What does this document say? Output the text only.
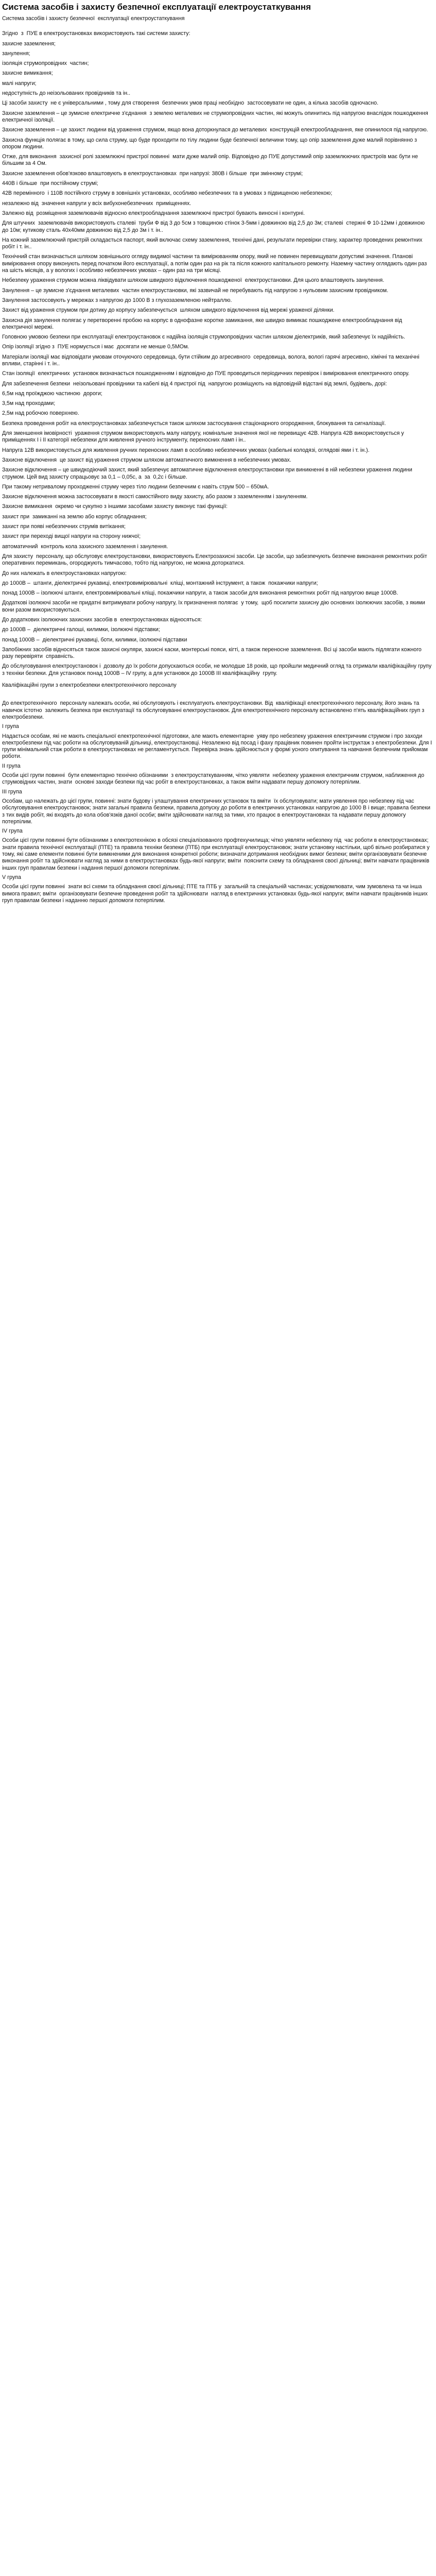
Система засобів і захисту безпечної експлуатації електроустаткування
Система засобів і захисту безпечної  експлуатації електроустаткування
Згідно  з  ПУЕ в електроустановках використовують такі системи захисту:
захисне заземлення;
занулення;
ізоляція струмопровідних  частин;
захисне вимикання;
малі напруги;
недоступність до неізольованих провідників та ін..
Ці засоби захисту  не є універсальними , тому для створення  безпечних умов праці необхідно  застосовувати не один, а кілька засобів одночасно.
Захисне заземлення – це зумисне електричне з'єднання  з землею металевих не струмопровідних частин, які можуть опинитись під напругою внаслідок пошкодження електричної ізоляції.
Захисне заземлення – це захист людини від ураження струмом, якщо вона доторкнулася до металевих  конструкцій електрообладнання, яке опинилося під напругою.
Захисна функція полягає в тому, що сила струму, що буде проходити по тілу людини буде безпечної величини тому, що опір заземлення дуже малий порівнянно з опором людини.
Отже, для виконання  захисної ролі заземлюючі пристрої повинні  мати дуже малий опір. Відповідно до ПУЕ допустимий опір заземлюючих пристроїв має бути не більшим за 4 Ом.
Захисне заземлення обов'язково влаштовують в електроустановках  при напрузі: 380В і більше  при змінному струмі;
440В і більше  при постійному струмі;
42В перемінного  і 110В постійного струму в зовнішніх установках, особливо небезпечних та в умовах з підвищеною небезпекою;
незалежно від  значення напруги у всіх вибухонебезпечних  приміщеннях.
Залежно від  розміщення заземлювачів відносно електрообладнання заземлюючі пристрої бувають виносні і контурні.
Для штучних  заземлювачів використовують сталеві  труби Ф від 3 до 5см з товщиною стінок 3-5мм і довжиною від 2,5 до 3м; сталеві  стержні Ф 10-12мм і довжиною до 10м; кутикову сталь 40х40мм довжиною від 2,5 до 3м і т. ін..
На кожний заземлюючий пристрій складається паспорт, який включає схему заземлення, технічні дані, результати перевірки стану, характер проведених ремонтних робіт і т. ін..
Технічний стан визначається шляхом зовнішнього огляду видимої частини та вимірюванням опору, який не повинен перевищувати допустимі значення. Планові вимірювання опору виконують перед початком його експлуатації, а потім один раз на рік та після кожного капітального ремонту. Наземну частину оглядають один раз на шість місяців, а у вологих і особливо небезпечних умовах – один раз на три місяці.
Небезпеку ураження струмом можна ліквідувати шляхом швидкого відключення пошкодженої  електроустановки. Для цього влаштовують занулення.
Занулення – це зумисне з'єднання металевих  частин електроустановки, які зазвичай не перебувають під напругою з нульовим захисним провідником.
Занулення застосовують у мережах з напругою до 1000 В з глухозаземленою нейтраллю.
Захист від ураження струмом при дотику до корпусу забезпечується  шляхом швидкого відключення від мережі ураженої ділянки.
Захисна дія занулення полягає у перетворенні пробою на корпус в однофазне коротке замикання, яке швидко вимикає пошкоджене електрообладнання від електричної мережі.
Головною умовою безпеки при експлуатації електроустановок є надійна ізоляція струмопровідних частин шляхом діелектриків, який забезпечує їх надійність.
Опір ізоляції згідно з  ПУЕ нормується і має  досягати не менше 0,5МОм.
Матеріали ізоляції має відповідати умовам оточуючого середовища, бути стійким до агресивного  середовища, волога, вологі гарячі агресивно, хімічні та механічні впливи, старінні і т. ін..
Стан ізоляції  електричних  установок визначається пошкодженням і відповідно до ПУЕ проводиться періодичних перевірок і вимірювання електричного опору.
Для забезпечення безпеки  неізольовані провідники та кабелі від 4 пристрої під  напругою розміщують на відповідній відстані від землі, будівель, дорі:
6,5м над проїжджою частиною  дороги;
3,5м над проходами;
2,5м над робочою поверхнею.
Безпека проведення робіт на електроустановках забезпечується також шляхом застосування стаціонарного огородження, блокування та сигналізації.
Для зменшення імовірності  ураження струмом використовують малу напругу, номінальне значення якої не перевищує 42В. Напруга 42В використовується у приміщеннях І і ІІ категорії небезпеки для живлення ручного інструменту, переносних ламп і ін..
Напруга 12В використовується для живлення ручних переносних ламп в особливо небезпечних умовах (кабельні колодязі, оглядові ями і т. ін.).
Захисне відключення  це захист від ураження струмом шляхом автоматичного вимкнення в небезпечних умовах.
Захисне відключення – це швидкодіючий захист, який забезпечує автоматичне відключення електроустановки при виникненні в ній небезпеки ураження людини струмом. Цей вид захисту спрацьовує за 0,1 – 0,05с, а  за  0,2с і більше.
При такому нетривалому проходженні струму через тіло людини безпечним є навіть струм 500 – 650мА.
Захисне відключення можна застосовувати в якості самостійного виду захисту, або разом з заземленням і зануленням.
Захисне вимикання  окремо чи сукупно з іншими засобами захисту виконує такі функції:
захист при  замиканні на землю або корпус обладнання;
захист при появі небезпечних струмів витікання;
захист при переході вищої напруги на сторону нижчої;
автоматичний  контроль кола захисного заземлення і занулення.
Для захисту  персоналу, що обслуговує електроустановки, використовують Електрозахисні засоби. Це засоби, що забезпечують безпечне виконання ремонтних робіт оперативних перемикань, огороджують тимчасово, тобто під напругою, не можна доторкатися.
До них належать в електроустановках напругою:
до 1000В –  штанги, діелектричні рукавиці, електровимірювальні  кліщі, монтажний інструмент, а також  покажчики напруги;
понад 1000В – ізолюючі штанги, електровимірювальні кліщі, покажчики напруги, а також засоби для виконання ремонтних робіт під напругою вище 1000В.
Додаткові ізолюючі засоби не придатні витримувати робочу напругу, їх призначення полягає  у тому,  щоб посилити захисну дію основних ізолюючих засобів, з якими вони разом використовуються.
До додаткових ізолюючих захисних засобів в  електроустановках відносяться:
до 1000В –  діелектричні галоші, килимки, ізолюючі підставки;
понад 1000В –  діелектричні рукавиці, боти, килимки, ізолюючі підставки
Запобіжних засобів відносяться також захисні окуляри, захисні каски, монтерські пояси, кігті, а також переносне заземлення. Всі ці засоби мають підлягати кожного разу перевіряти  справність.
До обслуговування електроустановок і  дозволу до їх роботи допускаються особи, не молодше 18 років, що пройшли медичний огляд та отримали кваліфікаційну групу з техніки безпеки. Для установок понад 1000В – IV групу, а для установок до 1000В ІІІ кваліфікаційну  групу.
Кваліфікаційні групи з електробезпеки електротехнічного персоналу
До електротехнічного  персоналу належать особи, які обслуговують і експлуатують електроустановки. Від  кваліфікації електротехнічного персоналу, його знань та навичок істотно  залежить безпека при експлуатації та обслуговуванні електроустановок. Для електротехнічного персоналу встановлено п'ять кваліфікаційних груп з електробезпеки.
І група
Надається особам, які не мають спеціальної електротехнічної підготовки, але мають елементарне  уяву про небезпеку ураження електричним струмом і про заходи електробезпеки під час роботи на обслуговуваній дільниці, електроустановці. Незалежно від посад і фаху працівник повинен пройти інструктаж з електробезпеки. Для І групи мінімальний стаж роботи в електроустановках не регламентується. Перевірка знань здійснюється у формі усного опитування та навчання безпечним прийомам роботи.
ІІ група
Особи цієї групи повинні  бути елементарно технічно обізнаними  з електроустаткуванням, чітко уявляти  небезпеку ураження електричним струмом, наближення до струмовідних частин, знати  основні заходи безпеки під час робіт в електроустановках, а також вміти надавати першу допомогу потерпілим.
ІІІ група
Особам, що належать до цієї групи, повинні: знати будову і улаштування електричних установок та вміти  їх обслуговувати; мати уявлення про небезпеку під час обслуговування електроустановок; знати загальні правила безпеки, правила допуску до роботи в електричних установках напругою до 1000 В і вище; правила безпеки з тих видів робіт, які входять до кола обов'язків даної особи; вміти здійснювати нагляд за тими, хто працює в електроустановках та надавати першу допомогу потерпілим.
IV група
Особи цієї групи повинні бути обізнаними з електротехнікою в обсязі спеціалізованого профтехучилища; чітко уявляти небезпеку під  час роботи в електроустановках; знати правила технічної експлуатації (ПТЕ) та правила техніки безпеки (ПТБ) при експлуатації електроустановок; знати установку настільки, щоб вільно розбиратися у тому, які саме елементи повинні бути вимкненими для виконання конкретної роботи; визначати дотримання необхідних вимог безпеки; вміти організовувати безпечне виконання робіт та здійснювати нагляд за ними в електроустановках будь-якої напруги; вміти  пояснити схему та обладнання своєї дільниці; вміти навчати працівників інших груп правилам безпеки і надання першої допомоги потерпілим.
V група
Особи цієї групи повинні  знати всі схеми та обладнання своєї дільниці; ПТЕ та ПТБ у  загальній та спеціальній частинах; усвідомлювати, чим зумовлена та чи інша вимога правил; вміти  організовувати безпечне проведення робіт та здійснювати  нагляд в електричних установках будь-якої напруги; вміти навчати працівників інших груп правилам безпеки і наданню першої допомоги потерпілим.
